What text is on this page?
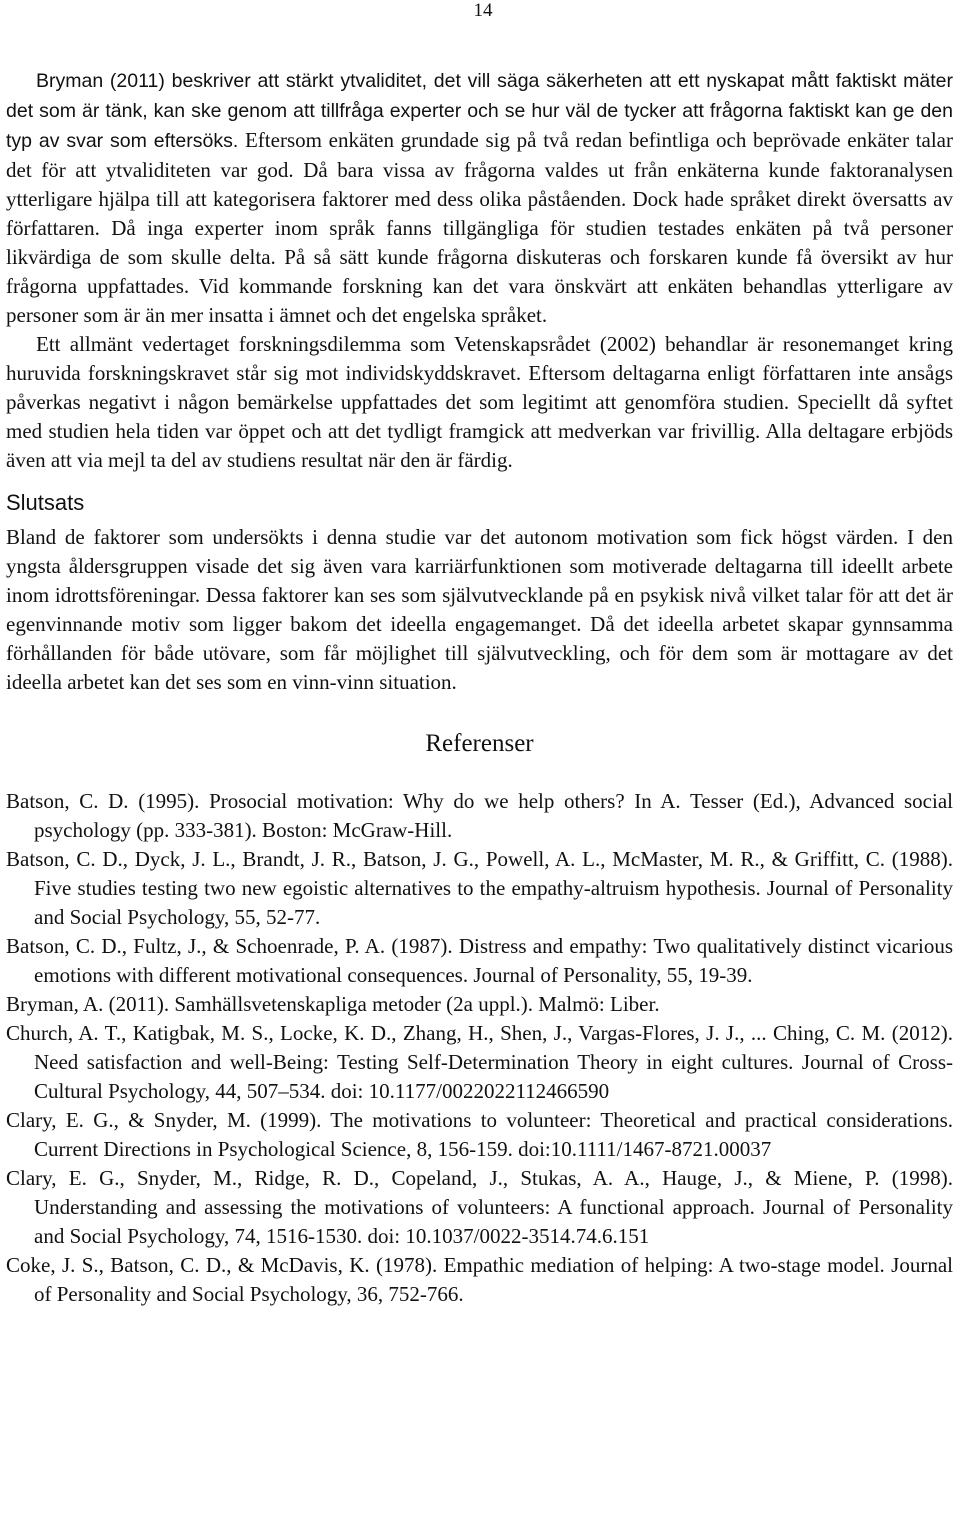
14

Bryman (2011) beskriver att stärkt ytvaliditet, det vill säga säkerheten att ett nyskapat mått faktiskt mäter det som är tänk, kan ske genom att tillfråga experter och se hur väl de tycker att frågorna faktiskt kan ge den typ av svar som eftersöks. Eftersom enkäten grundade sig på två redan befintliga och beprövade enkäter talar det för att ytvaliditeten var god. Då bara vissa av frågorna valdes ut från enkäterna kunde faktoranalysen ytterligare hjälpa till att kategorisera faktorer med dess olika påståenden. Dock hade språket direkt översatts av författaren. Då inga experter inom språk fanns tillgängliga för studien testades enkäten på två personer likvärdiga de som skulle delta. På så sätt kunde frågorna diskuteras och forskaren kunde få översikt av hur frågorna uppfattades. Vid kommande forskning kan det vara önskvärt att enkäten behandlas ytterligare av personer som är än mer insatta i ämnet och det engelska språket.

Ett allmänt vedertaget forskningsdilemma som Vetenskapsrådet (2002) behandlar är resonemanget kring huruvida forskningskravet står sig mot individskyddskravet. Eftersom deltagarna enligt författaren inte ansågs påverkas negativt i någon bemärkelse uppfattades det som legitimt att genomföra studien. Speciellt då syftet med studien hela tiden var öppet och att det tydligt framgick att medverkan var frivillig. Alla deltagare erbjöds även att via mejl ta del av studiens resultat när den är färdig.

Slutsats

Bland de faktorer som undersökts i denna studie var det autonom motivation som fick högst värden. I den yngsta åldersgruppen visade det sig även vara karriärfunktionen som motiverade deltagarna till ideellt arbete inom idrottsföreningar. Dessa faktorer kan ses som självutvecklande på en psykisk nivå vilket talar för att det är egenvinnande motiv som ligger bakom det ideella engagemanget. Då det ideella arbetet skapar gynnsamma förhållanden för både utövare, som får möjlighet till självutveckling, och för dem som är mottagare av det ideella arbetet kan det ses som en vinn-vinn situation.

Referenser

Batson, C. D. (1995). Prosocial motivation: Why do we help others? In A. Tesser (Ed.), Advanced social psychology (pp. 333-381). Boston: McGraw-Hill.

Batson, C. D., Dyck, J. L., Brandt, J. R., Batson, J. G., Powell, A. L., McMaster, M. R., & Griffitt, C. (1988). Five studies testing two new egoistic alternatives to the empathy-altruism hypothesis. Journal of Personality and Social Psychology, 55, 52-77.

Batson, C. D., Fultz, J., & Schoenrade, P. A. (1987). Distress and empathy: Two qualitatively distinct vicarious emotions with different motivational consequences. Journal of Personality, 55, 19-39.

Bryman, A. (2011). Samhällsvetenskapliga metoder (2a uppl.). Malmö: Liber.

Church, A. T., Katigbak, M. S., Locke, K. D., Zhang, H., Shen, J., Vargas-Flores, J. J., ... Ching, C. M. (2012). Need satisfaction and well-Being: Testing Self-Determination Theory in eight cultures. Journal of Cross-Cultural Psychology, 44, 507–534. doi: 10.1177/0022022112466590

Clary, E. G., & Snyder, M. (1999). The motivations to volunteer: Theoretical and practical considerations. Current Directions in Psychological Science, 8, 156-159. doi:10.1111/1467-8721.00037

Clary, E. G., Snyder, M., Ridge, R. D., Copeland, J., Stukas, A. A., Hauge, J., & Miene, P. (1998). Understanding and assessing the motivations of volunteers: A functional approach. Journal of Personality and Social Psychology, 74, 1516-1530. doi: 10.1037/0022-3514.74.6.151

Coke, J. S., Batson, C. D., & McDavis, K. (1978). Empathic mediation of helping: A two-stage model. Journal of Personality and Social Psychology, 36, 752-766.
